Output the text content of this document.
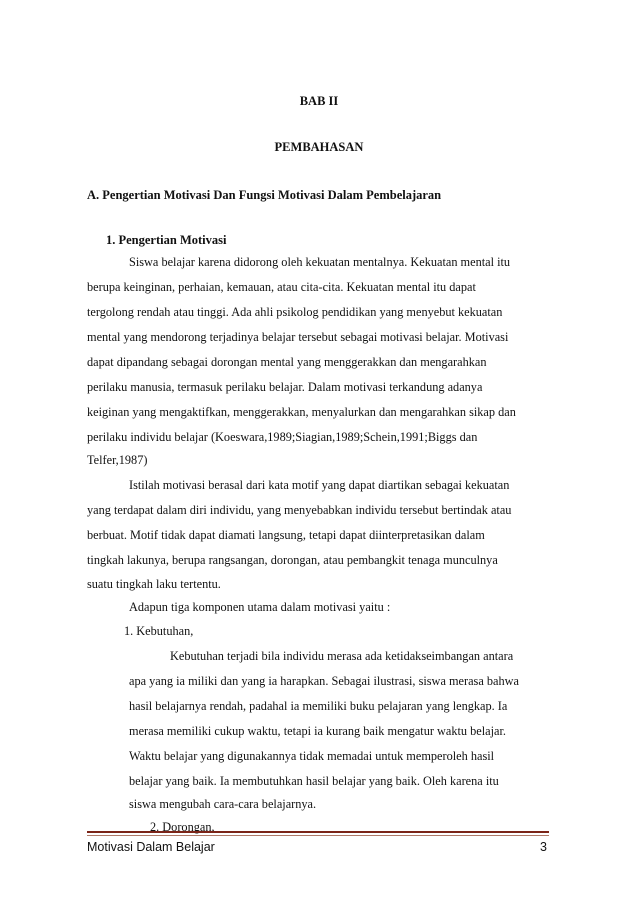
BAB II
PEMBAHASAN
A. Pengertian Motivasi Dan Fungsi Motivasi Dalam Pembelajaran
1. Pengertian Motivasi
Siswa belajar karena didorong oleh kekuatan mentalnya. Kekuatan mental itu
berupa keinginan, perhaian, kemauan, atau cita-cita. Kekuatan mental itu dapat
tergolong rendah atau tinggi. Ada ahli psikolog pendidikan yang menyebut kekuatan
mental yang mendorong terjadinya belajar tersebut sebagai motivasi belajar. Motivasi
dapat dipandang sebagai dorongan mental yang menggerakkan dan mengarahkan
perilaku manusia, termasuk perilaku belajar. Dalam motivasi terkandung adanya
keiginan yang mengaktifkan, menggerakkan, menyalurkan dan mengarahkan sikap dan
perilaku individu belajar (Koeswara,1989;Siagian,1989;Schein,1991;Biggs dan
Telfer,1987)
Istilah motivasi berasal dari kata motif yang dapat diartikan sebagai kekuatan
yang terdapat dalam diri individu, yang menyebabkan individu tersebut bertindak atau
berbuat. Motif tidak dapat diamati langsung, tetapi dapat diinterpretasikan dalam
tingkah lakunya, berupa rangsangan, dorongan, atau pembangkit tenaga munculnya
suatu tingkah laku tertentu.
Adapun tiga komponen utama dalam motivasi yaitu :
1. Kebutuhan,
Kebutuhan terjadi bila individu merasa ada ketidakseimbangan antara
apa yang ia miliki dan yang ia harapkan. Sebagai ilustrasi, siswa merasa bahwa
hasil belajarnya rendah, padahal ia memiliki buku pelajaran yang lengkap. Ia
merasa memiliki cukup waktu, tetapi ia kurang baik mengatur waktu belajar.
Waktu belajar yang digunakannya tidak memadai untuk memperoleh hasil
belajar yang baik. Ia membutuhkan hasil belajar yang baik. Oleh karena itu
siswa mengubah cara-cara belajarnya.
2. Dorongan,
Motivasi Dalam Belajar	3
